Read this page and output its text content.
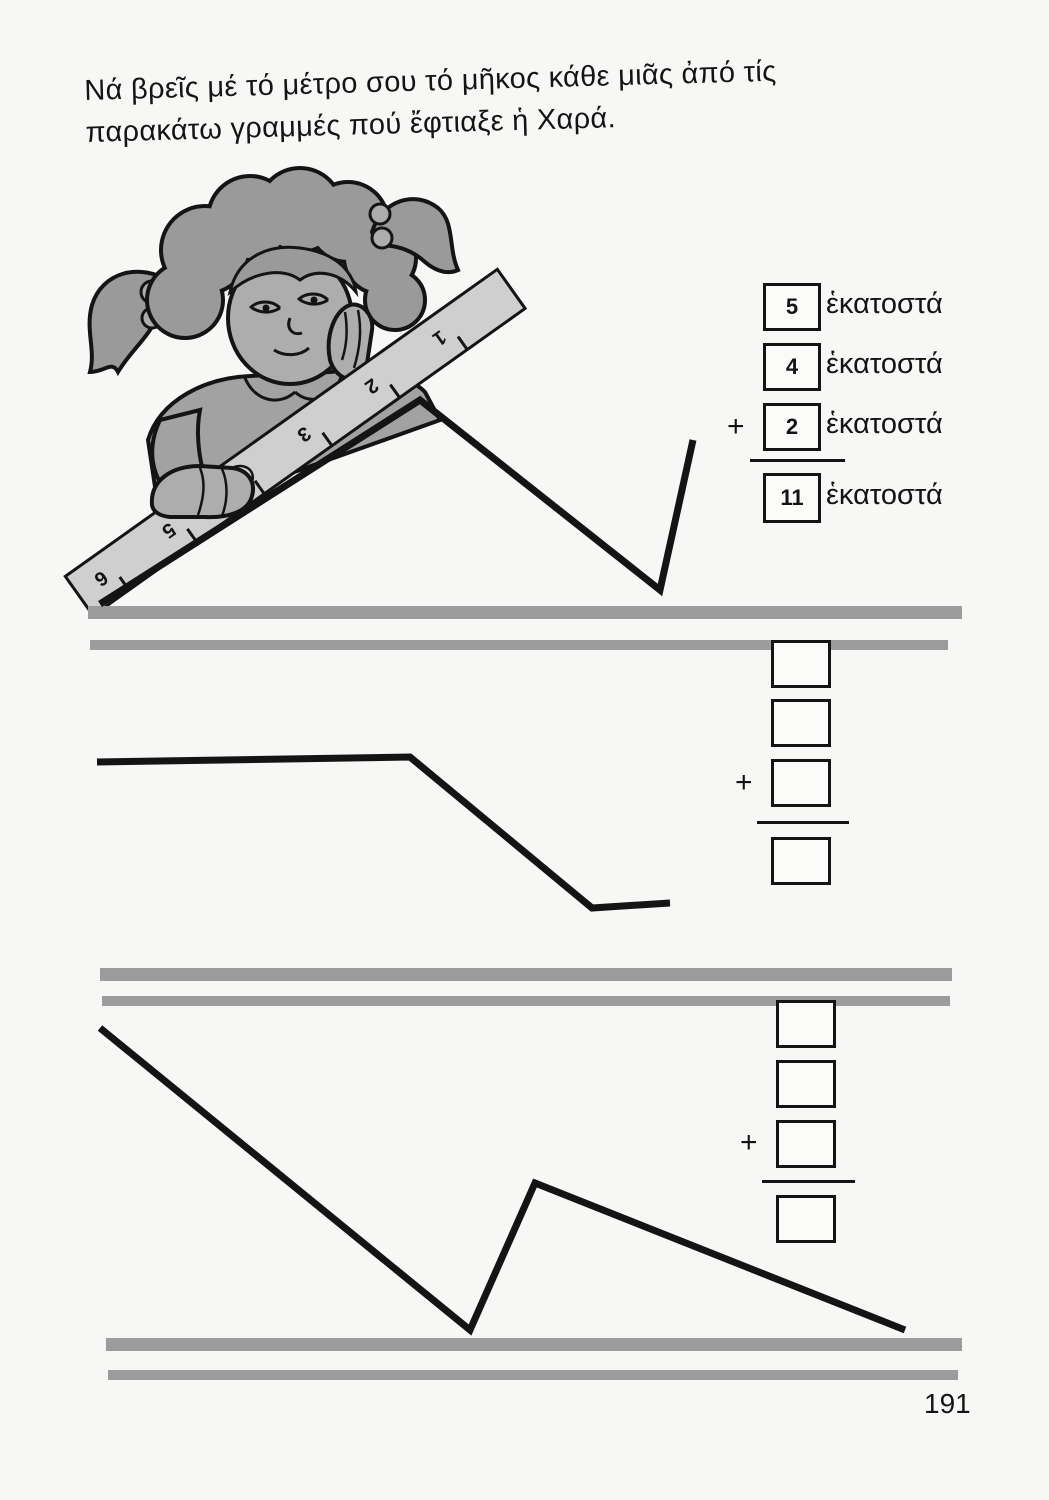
6
5
3
2
1
Νά βρεῖς μέ τό μέτρο σου τό μῆκος κάθε μιᾶς ἀπό τίς
παρακάτω γραμμές πού ἔφτιαξε ἡ Χαρά.
5 ἑκατοστά
4 ἑκατοστά
+	2 ἑκατοστά
11 ἑκατοστά
+
+
191
